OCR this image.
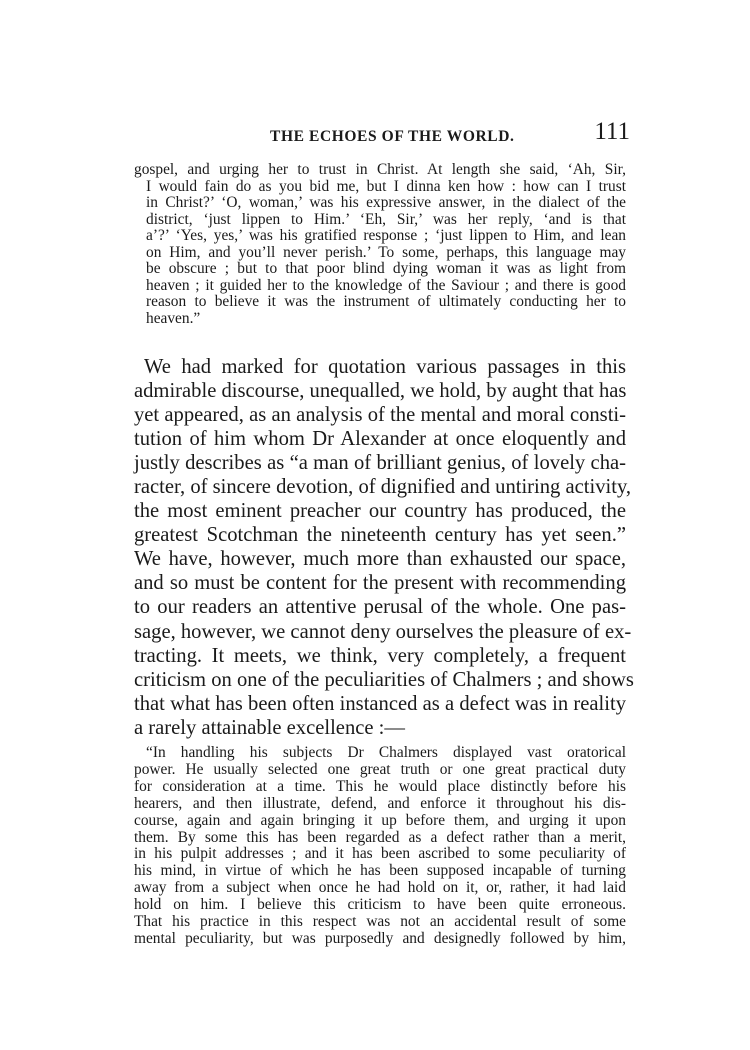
THE ECHOES OF THE WORLD.	111
gospel, and urging her to trust in Christ. At length she said, ‘Ah, Sir,
I would fain do as you bid me, but I dinna ken how : how can I trust
in Christ?’ ‘O, woman,’ was his expressive answer, in the dialect of the
district, ‘just lippen to Him.’ ‘Eh, Sir,’ was her reply, ‘and is that
a’?’ ‘Yes, yes,’ was his gratified response ; ‘just lippen to Him, and lean
on Him, and you’ll never perish.’ To some, perhaps, this language may
be obscure ; but to that poor blind dying woman it was as light from
heaven ; it guided her to the knowledge of the Saviour ; and there is good
reason to believe it was the instrument of ultimately conducting her to
heaven.”
We had marked for quotation various passages in this
admirable discourse, unequalled, we hold, by aught that has
yet appeared, as an analysis of the mental and moral consti-
tution of him whom Dr Alexander at once eloquently and
justly describes as “a man of brilliant genius, of lovely cha-
racter, of sincere devotion, of dignified and untiring activity,
the most eminent preacher our country has produced, the
greatest Scotchman the nineteenth century has yet seen.”
We have, however, much more than exhausted our space,
and so must be content for the present with recommending
to our readers an attentive perusal of the whole. One pas-
sage, however, we cannot deny ourselves the pleasure of ex-
tracting. It meets, we think, very completely, a frequent
criticism on one of the peculiarities of Chalmers ; and shows
that what has been often instanced as a defect was in reality
a rarely attainable excellence :—
“In handling his subjects Dr Chalmers displayed vast oratorical
power. He usually selected one great truth or one great practical duty
for consideration at a time. This he would place distinctly before his
hearers, and then illustrate, defend, and enforce it throughout his dis-
course, again and again bringing it up before them, and urging it upon
them. By some this has been regarded as a defect rather than a merit,
in his pulpit addresses ; and it has been ascribed to some peculiarity of
his mind, in virtue of which he has been supposed incapable of turning
away from a subject when once he had hold on it, or, rather, it had laid
hold on him. I believe this criticism to have been quite erroneous.
That his practice in this respect was not an accidental result of some
mental peculiarity, but was purposedly and designedly followed by him,
